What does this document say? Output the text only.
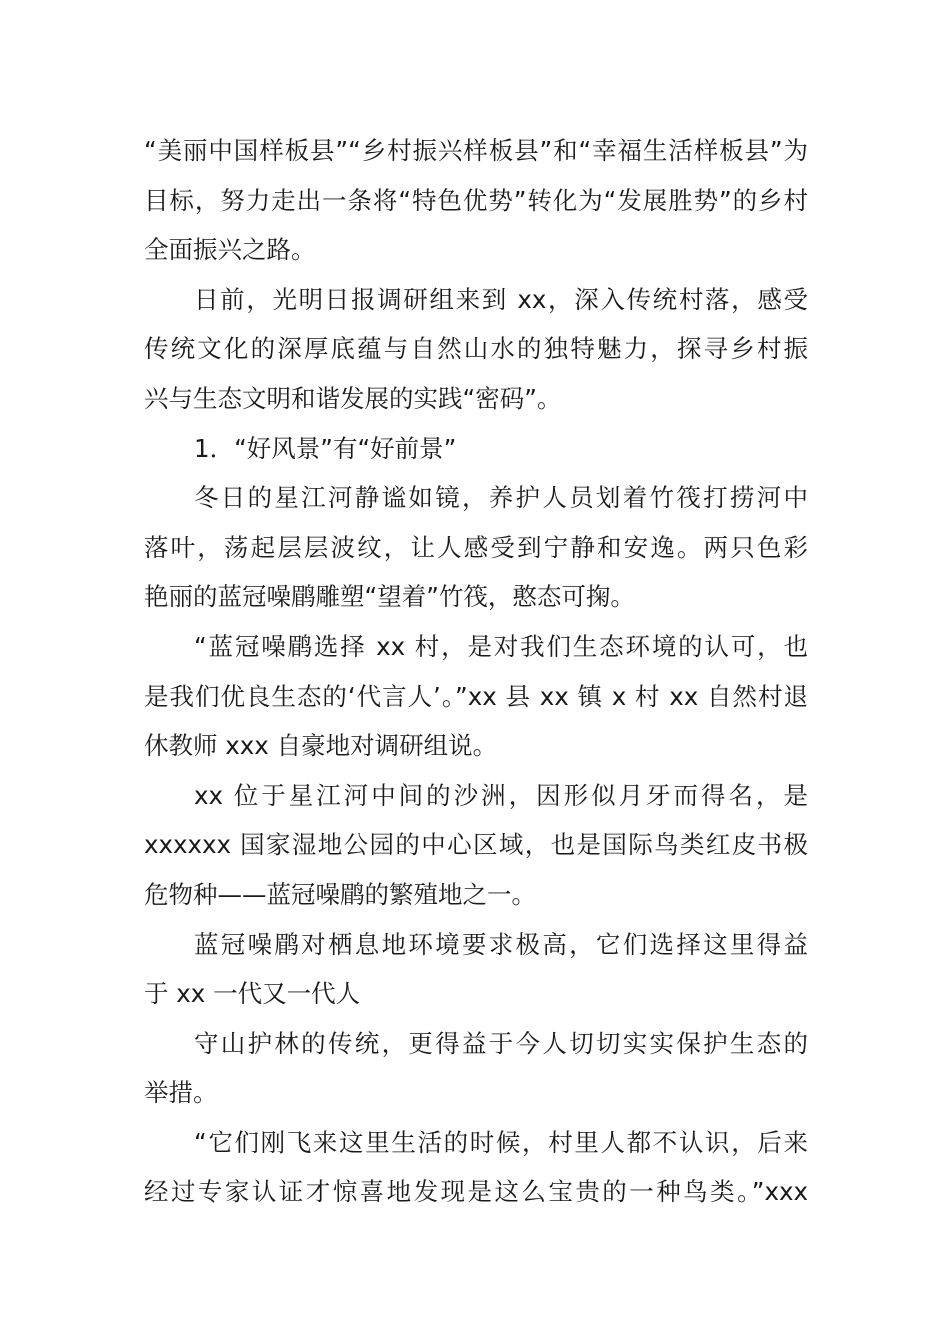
“美丽中国样板县”“乡村振兴样板县”和“幸福生活样板县”为
目标，努力走出一条将“特色优势”转化为“发展胜势”的乡村
全面振兴之路。
日前，光明日报调研组来到 xx，深入传统村落，感受
传统文化的深厚底蕴与自然山水的独特魅力，探寻乡村振
兴与生态文明和谐发展的实践“密码”。
1．“好风景”有“好前景”
冬日的星江河静谧如镜，养护人员划着竹筏打捞河中
落叶，荡起层层波纹，让人感受到宁静和安逸。两只色彩
艳丽的蓝冠噪鹛雕塑“望着”竹筏，憨态可掬。
“蓝冠噪鹛选择 xx 村，是对我们生态环境的认可，也
是我们优良生态的‘代言人’。”xx 县 xx 镇 x 村 xx 自然村退
休教师 xxx 自豪地对调研组说。
xx 位于星江河中间的沙洲，因形似月牙而得名，是
xxxxxx 国家湿地公园的中心区域，也是国际鸟类红皮书极
危物种——蓝冠噪鹛的繁殖地之一。
蓝冠噪鹛对栖息地环境要求极高，它们选择这里得益
于 xx 一代又一代人
守山护林的传统，更得益于今人切切实实保护生态的
举措。
“它们刚飞来这里生活的时候，村里人都不认识，后来
经过专家认证才惊喜地发现是这么宝贵的一种鸟类。”xxx
